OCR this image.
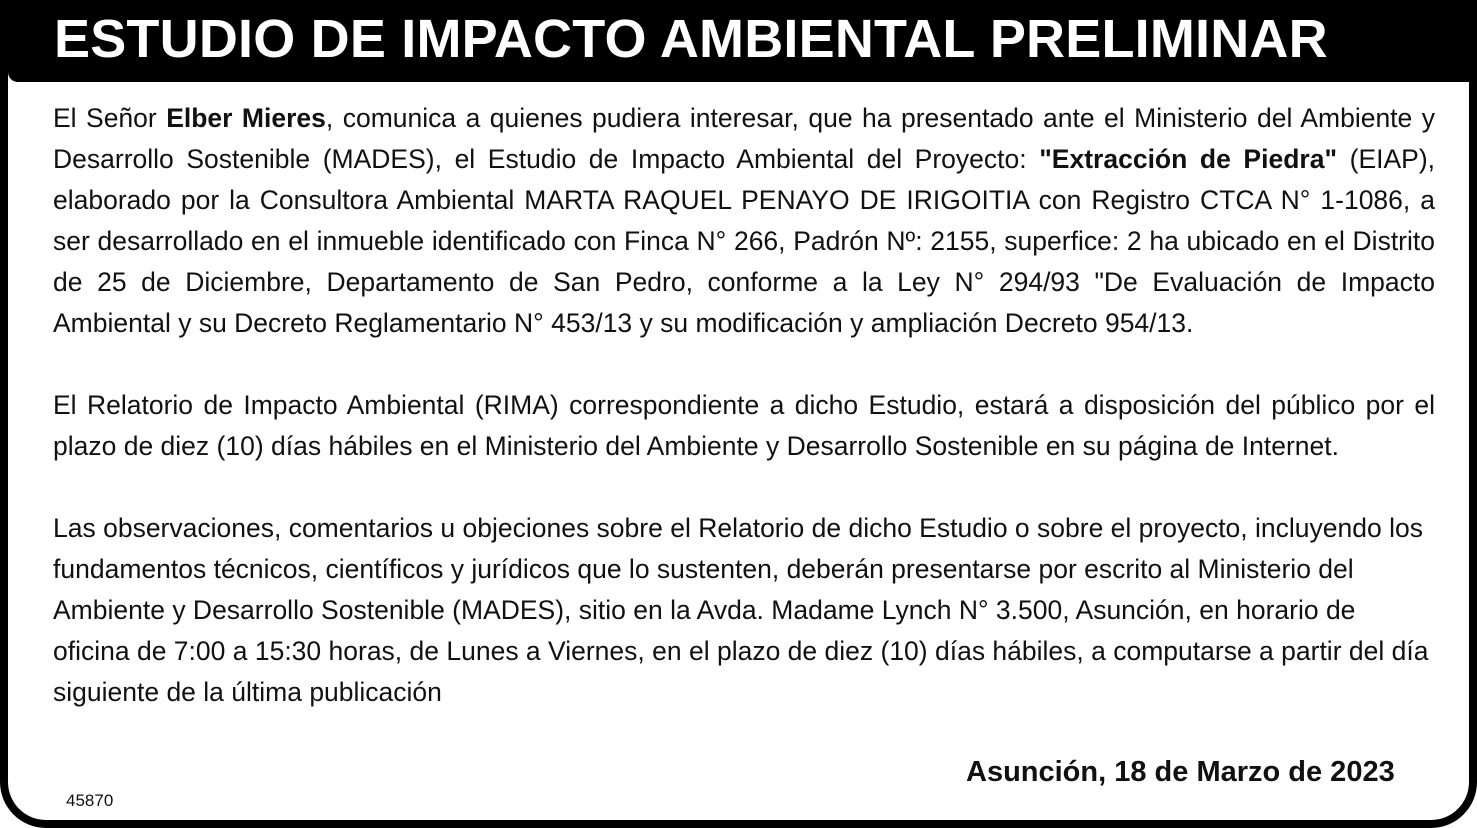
ESTUDIO DE IMPACTO AMBIENTAL PRELIMINAR

El Señor Elber Mieres, comunica a quienes pudiera interesar, que ha presentado ante el Ministerio del Ambiente y Desarrollo Sostenible (MADES), el Estudio de Impacto Ambiental del Proyecto: "Extracción de Piedra" (EIAP), elaborado por la Consultora Ambiental MARTA RAQUEL PENAYO DE IRIGOITIA con Registro CTCA N° 1-1086, a ser desarrollado en el inmueble identificado con Finca N° 266, Padrón Nº: 2155, superfice: 2 ha ubicado en el Distrito de 25 de Diciembre, Departamento de San Pedro, conforme a la Ley N° 294/93 "De Evaluación de Impacto Ambiental y su Decreto Reglamentario N° 453/13 y su modificación y ampliación Decreto 954/13.

El Relatorio de Impacto Ambiental (RIMA) correspondiente a dicho Estudio, estará a disposición del público por el plazo de diez (10) días hábiles en el Ministerio del Ambiente y Desarrollo Sostenible en su página de Internet.

Las observaciones, comentarios u objeciones sobre el Relatorio de dicho Estudio o sobre el proyecto, incluyendo los fundamentos técnicos, científicos y jurídicos que lo sustenten, deberán presentarse por escrito al Ministerio del Ambiente y Desarrollo Sostenible (MADES), sitio en la Avda. Madame Lynch N° 3.500, Asunción, en horario de oficina de 7:00 a 15:30 horas, de Lunes a Viernes, en el plazo de diez (10) días hábiles, a computarse a partir del día siguiente de la última publicación

Asunción, 18 de Marzo de 2023
45870
